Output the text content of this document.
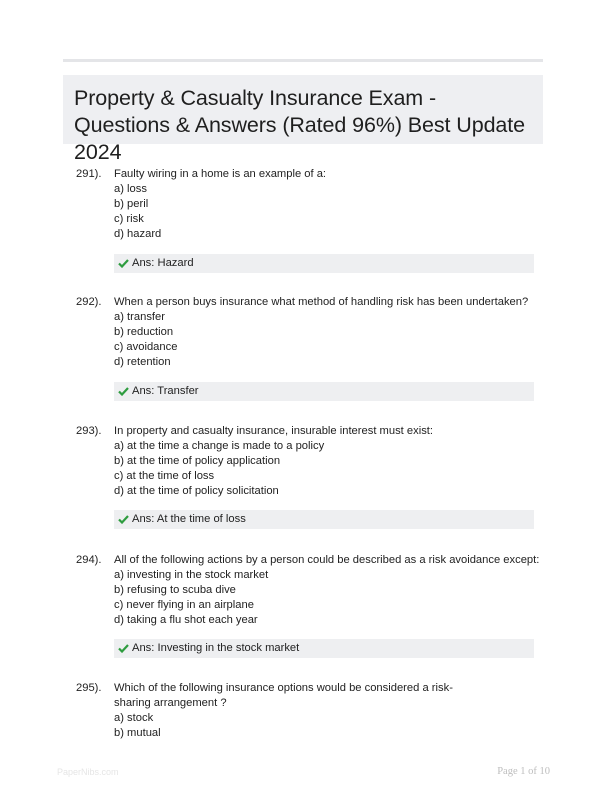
Property & Casualty Insurance Exam - Questions & Answers (Rated 96%) Best Update 2024
291). Faulty wiring in a home is an example of a:
a) loss
b) peril
c) risk
d) hazard
Ans: Hazard
292). When a person buys insurance what method of handling risk has been undertaken?
a) transfer
b) reduction
c) avoidance
d) retention
Ans: Transfer
293). In property and casualty insurance, insurable interest must exist:
a) at the time a change is made to a policy
b) at the time of policy application
c) at the time of loss
d) at the time of policy solicitation
Ans: At the time of loss
294). All of the following actions by a person could be described as a risk avoidance except:
a) investing in the stock market
b) refusing to scuba dive
c) never flying in an airplane
d) taking a flu shot each year
Ans: Investing in the stock market
295). Which of the following insurance options would be considered a risk-sharing arrangement ?
a) stock
b) mutual
PaperNibs.com	Page 1 of 10
